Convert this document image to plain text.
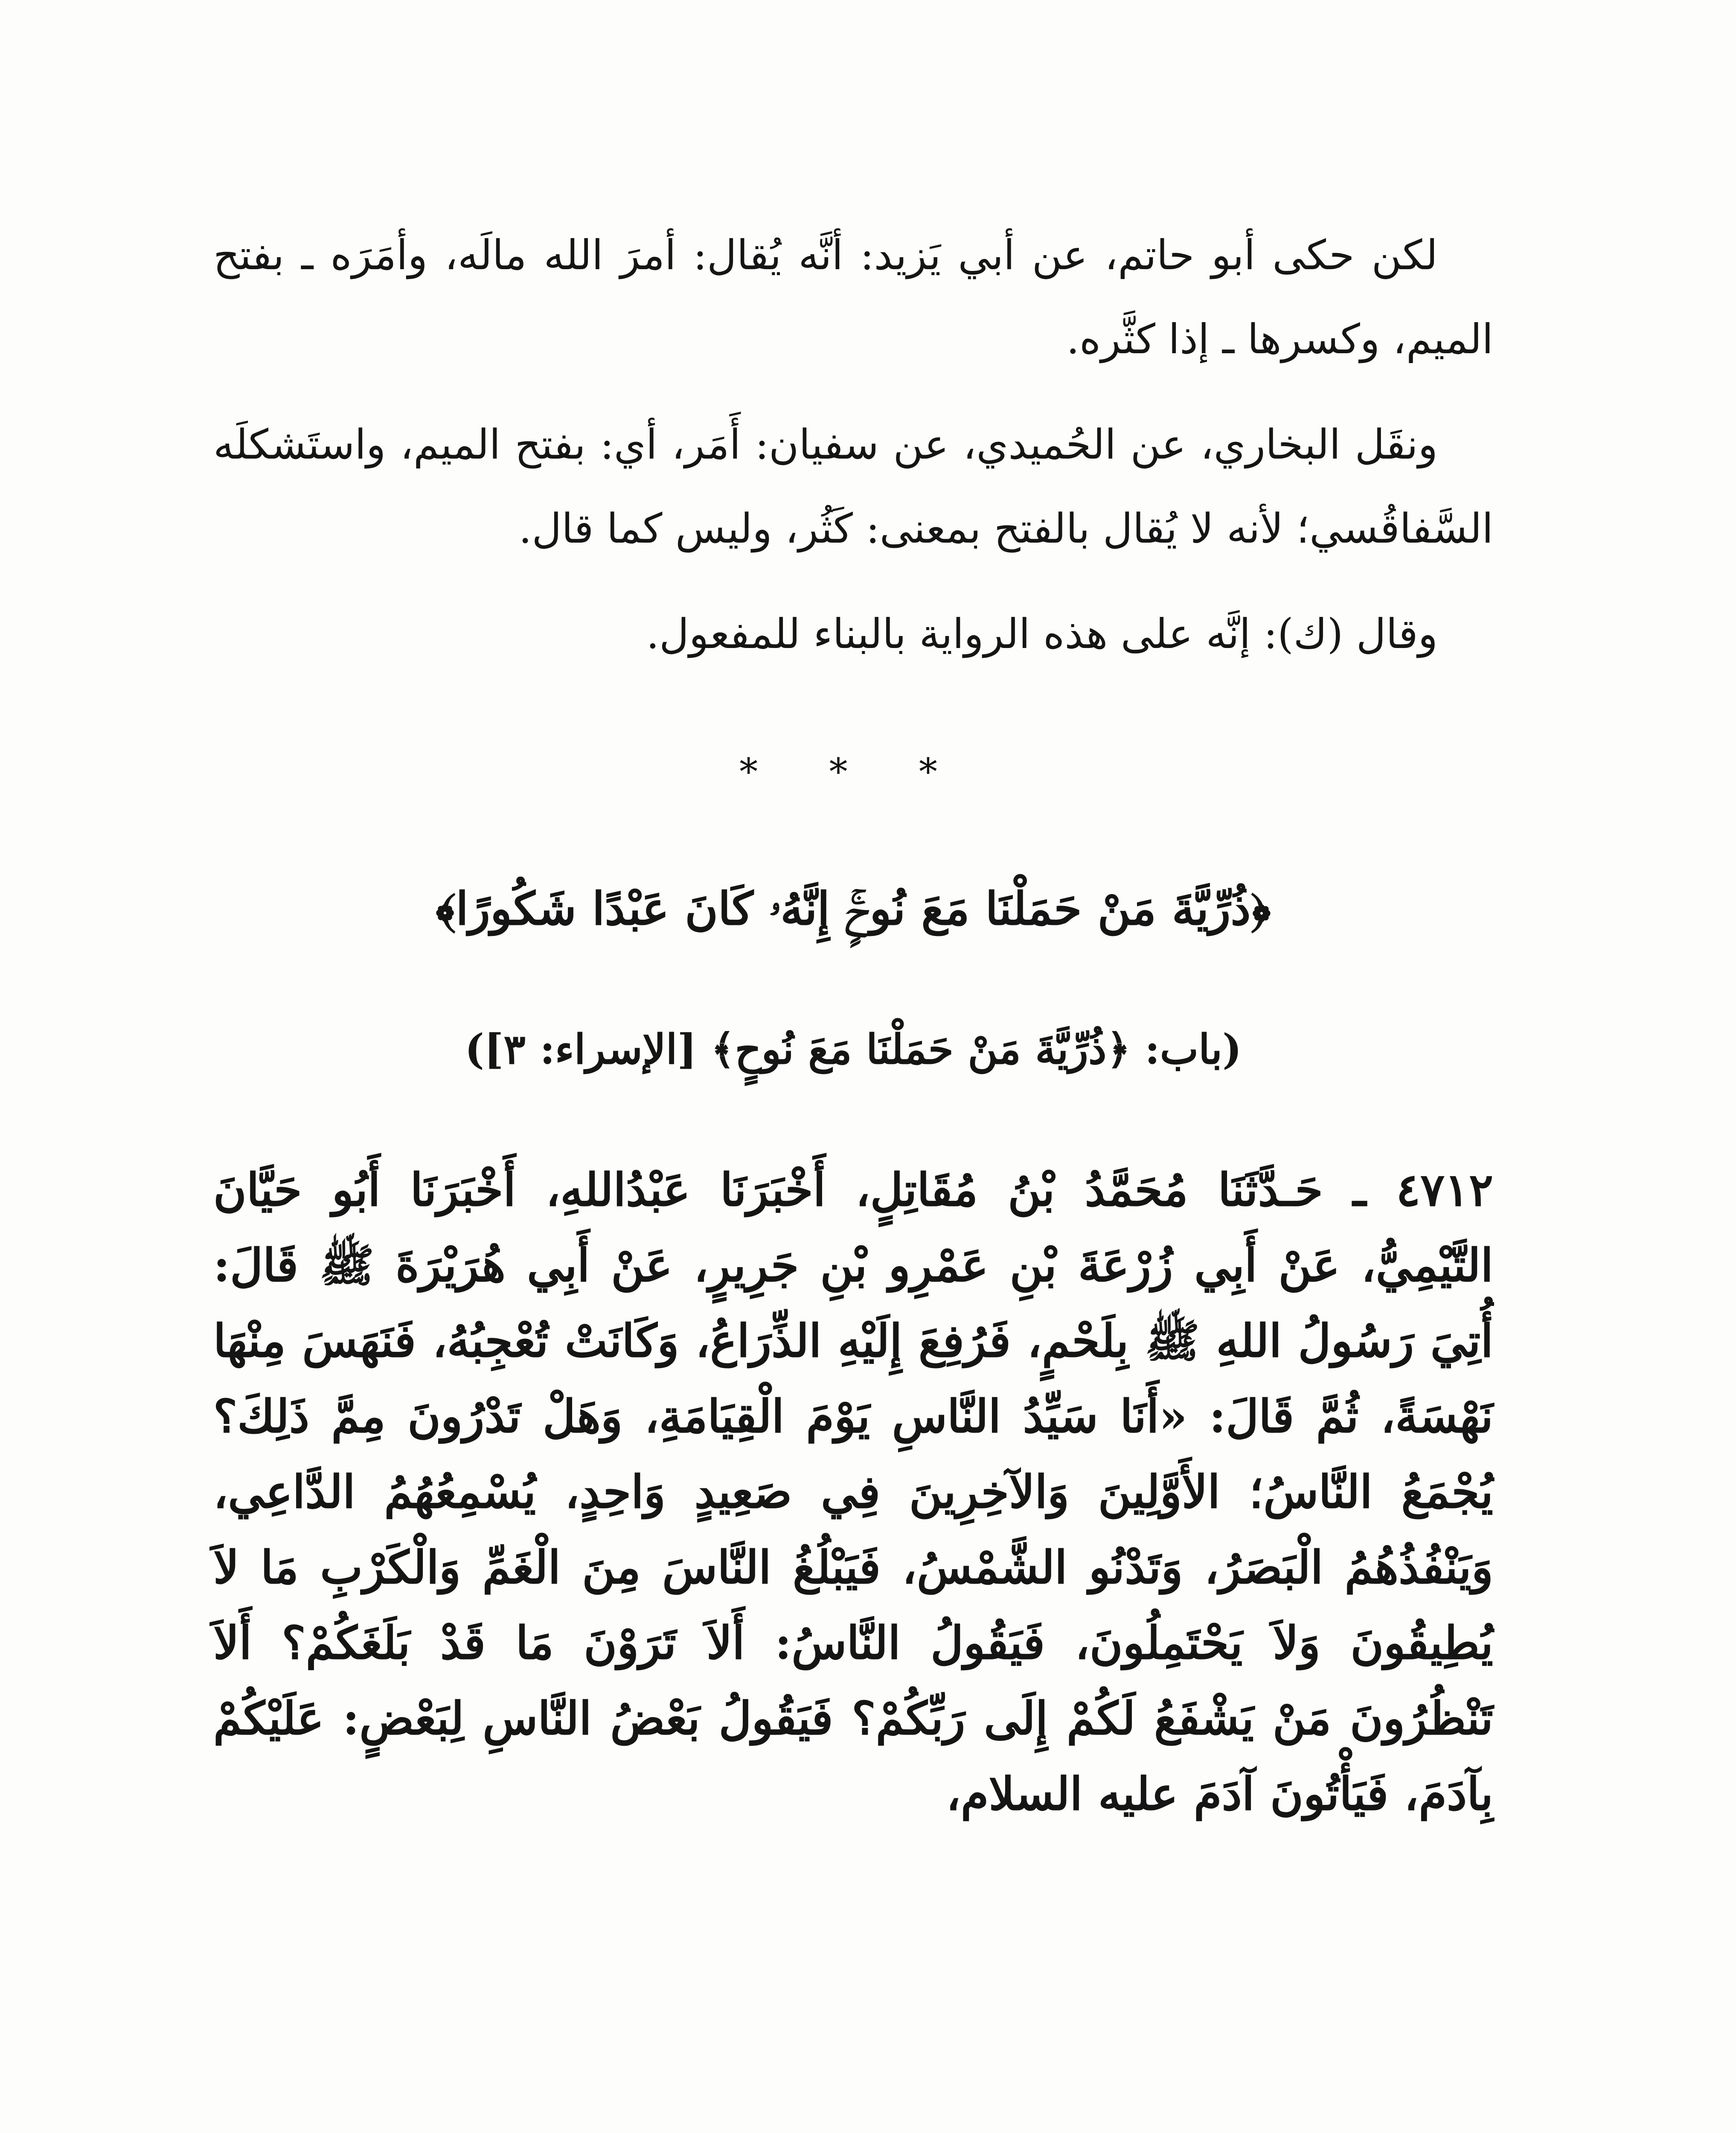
لكن حكى أبو حاتم، عن أبي يَزيد: أنَّه يُقال: أمرَ الله مالَه، وأمَرَه ـ بفتح الميم، وكسرها ـ إذا كثَّره.

ونقَل البخاري، عن الحُميدي، عن سفيان: أَمَر، أي: بفتح الميم، واستَشكلَه السَّفاقُسي؛ لأنه لا يُقال بالفتح بمعنى: كَثُر، وليس كما قال.

وقال (ك): إنَّه على هذه الرواية بالبناء للمفعول.

* * *
﴿ذُرِّيَّةَ مَنْ حَمَلْنَا مَعَ نُوحٍۚ إِنَّهُۥ كَانَ عَبْدًا شَكُورًا﴾
(باب: ﴿ذُرِّيَّةَ مَنْ حَمَلْنَا مَعَ نُوحٍ﴾ [الإسراء: ٣])

٤٧١٢ ـ حَـدَّثَنَا مُحَمَّدُ بْنُ مُقَاتِلٍ، أَخْبَرَنَا عَبْدُاللهِ، أَخْبَرَنَا أَبُو حَيَّانَ التَّيْمِيُّ، عَنْ أَبِي زُرْعَةَ بْنِ عَمْرِو بْنِ جَرِيرٍ، عَنْ أَبِي هُرَيْرَةَ ﷺ قَالَ: أُتِيَ رَسُولُ اللهِ ﷺ بِلَحْمٍ، فَرُفِعَ إِلَيْهِ الذِّرَاعُ، وَكَانَتْ تُعْجِبُهُ، فَنَهَسَ مِنْهَا نَهْسَةً، ثُمَّ قَالَ: «أَنَا سَيِّدُ النَّاسِ يَوْمَ الْقِيَامَةِ، وَهَلْ تَدْرُونَ مِمَّ ذَلِكَ؟ يُجْمَعُ النَّاسُ؛ الأَوَّلِينَ وَالآخِرِينَ فِي صَعِيدٍ وَاحِدٍ، يُسْمِعُهُمُ الدَّاعِي، وَيَنْفُذُهُمُ الْبَصَرُ، وَتَدْنُو الشَّمْسُ، فَيَبْلُغُ النَّاسَ مِنَ الْغَمِّ وَالْكَرْبِ مَا لاَ يُطِيقُونَ وَلاَ يَحْتَمِلُونَ، فَيَقُولُ النَّاسُ: أَلاَ تَرَوْنَ مَا قَدْ بَلَغَكُمْ؟ أَلاَ تَنْظُرُونَ مَنْ يَشْفَعُ لَكُمْ إِلَى رَبِّكُمْ؟ فَيَقُولُ بَعْضُ النَّاسِ لِبَعْضٍ: عَلَيْكُمْ بِآدَمَ، فَيَأْتُونَ آدَمَ عليه السلام،
